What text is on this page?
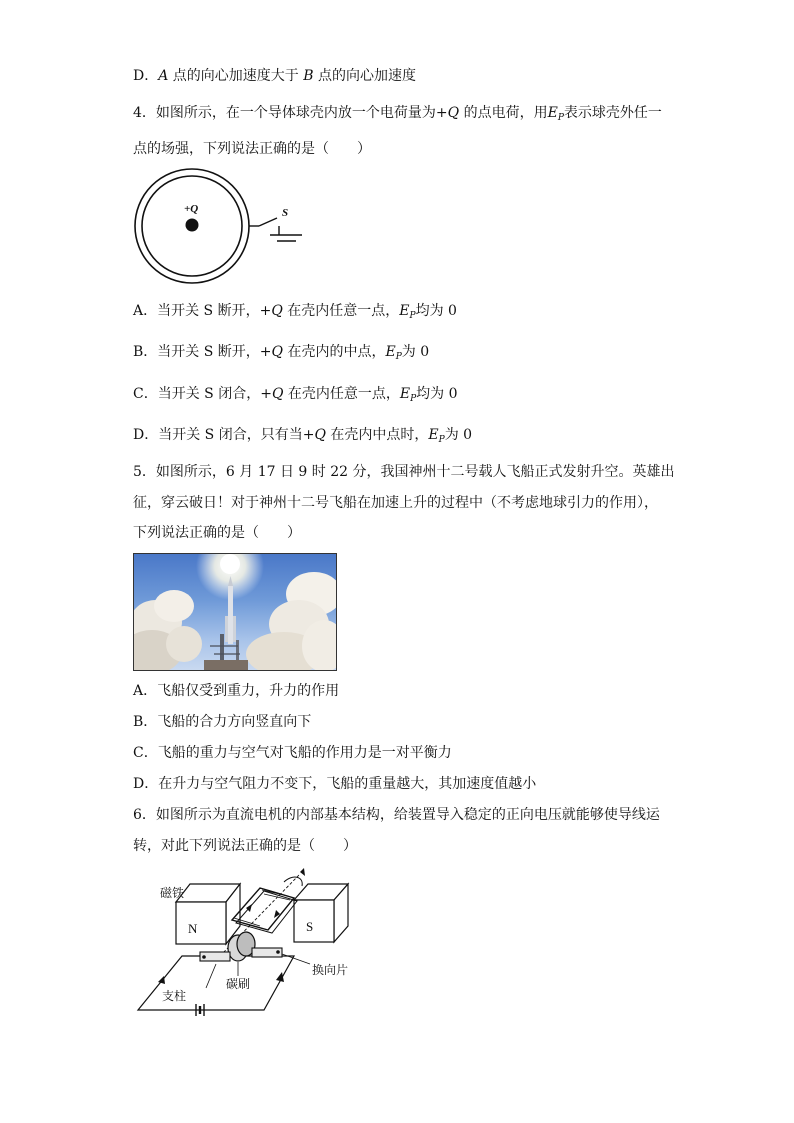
D．A 点的向心加速度大于 B 点的向心加速度
4．如图所示，在一个导体球壳内放一个电荷量为+Q 的点电荷，用$E_P$表示球壳外任一
点的场强，下列说法正确的是（　　）
+Q	S
A．当开关 S 断开，+Q 在壳内任意一点，$E_P$均为 0
B．当开关 S 断开，+Q 在壳内的中点，$E_P$为 0
C．当开关 S 闭合，+Q 在壳内任意一点，$E_P$均为 0
D．当开关 S 闭合，只有当+Q 在壳内中点时，$E_P$为 0
5．如图所示，6 月 17 日 9 时 22 分，我国神州十二号载人飞船正式发射升空。英雄出
征，穿云破日！对于神州十二号飞船在加速上升的过程中（不考虑地球引力的作用），
下列说法正确的是（　　）
A．飞船仅受到重力，升力的作用
B．飞船的合力方向竖直向下
C．飞船的重力与空气对飞船的作用力是一对平衡力
D．在升力与空气阻力不变下，飞船的重量越大，其加速度值越小
6．如图所示为直流电机的内部基本结构，给装置导入稳定的正向电压就能够使导线运
转，对此下列说法正确的是（　　）
N	S
磁铁
换向片
碳刷
支柱
